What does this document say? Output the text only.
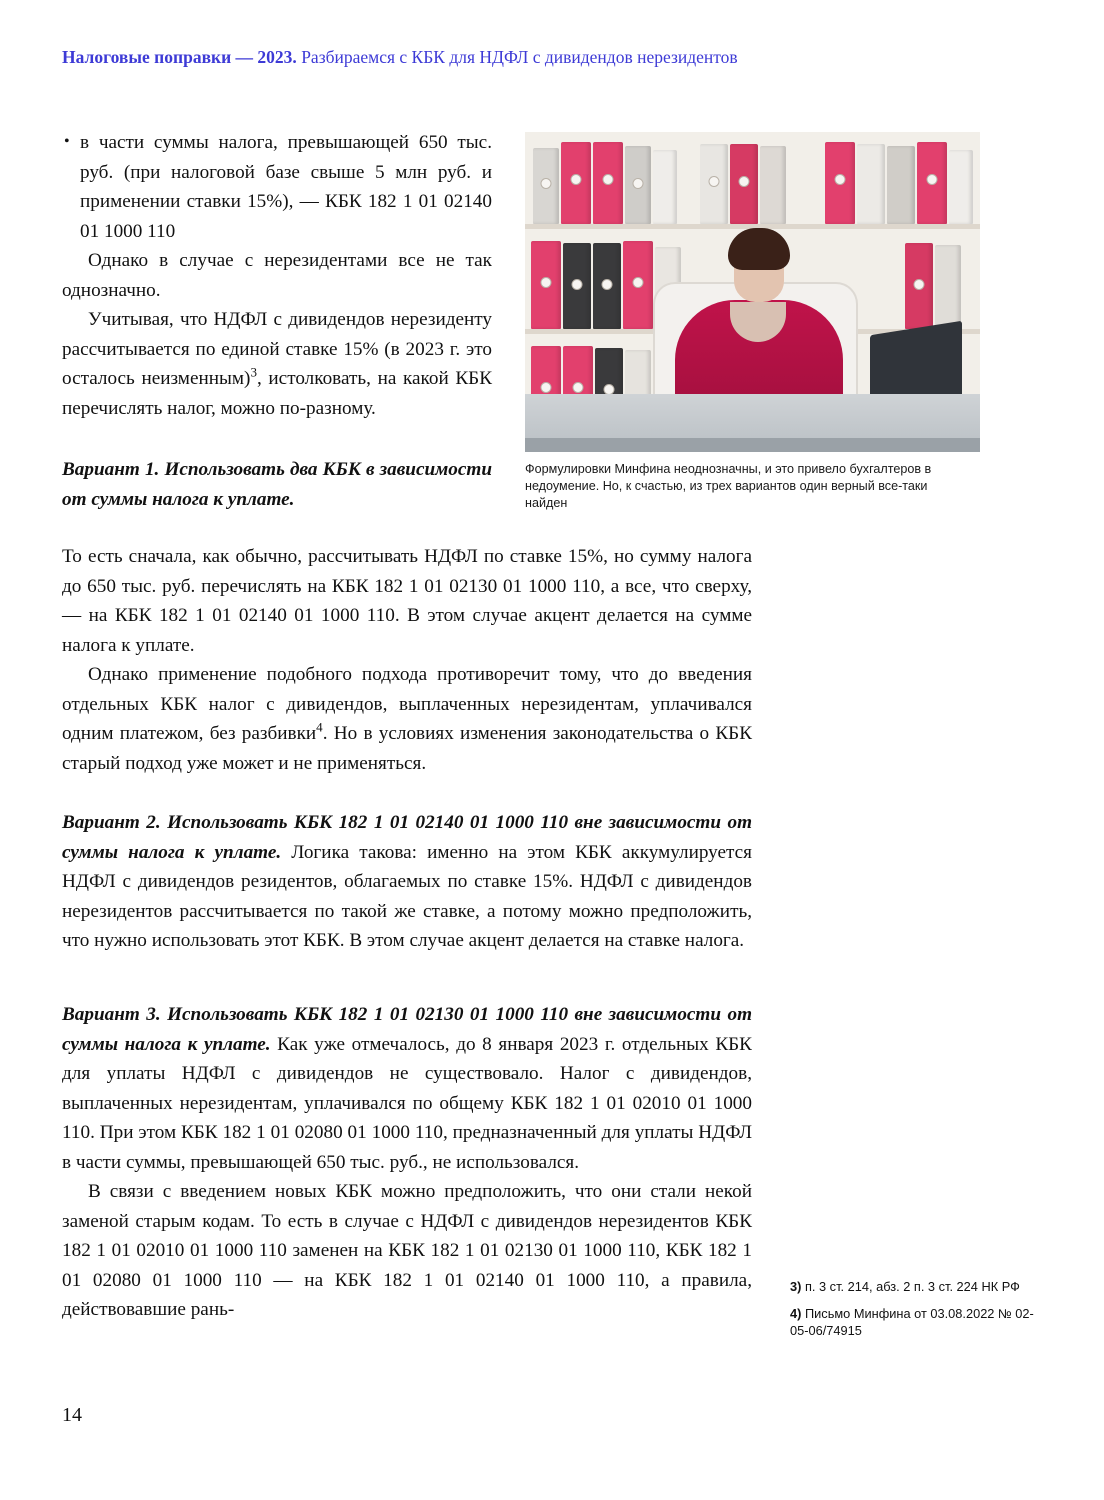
Налоговые поправки — 2023. Разбираемся с КБК для НДФЛ с дивидендов нерезидентов
Формулировки Минфина неоднозначны, и это привело бухгалтеров в недоумение. Но, к счастью, из трех вариантов один верный все-таки найден

• в части суммы налога, превышающей 650 тыс. руб. (при налоговой базе свыше 5 млн руб. и применении ставки 15%), — КБК 182 1 01 02140 01 1000 110

Однако в случае с нерезидентами все не так однозначно.

Учитывая, что НДФЛ с дивидендов нерезиденту рассчитывается по единой ставке 15% (в 2023 г. это осталось неизменным)$^3$, истолковать, на какой КБК перечислять налог, можно по-разному.

Вариант 1. Использовать два КБК в зависимости от суммы налога к уплате.

То есть сначала, как обычно, рассчитывать НДФЛ по ставке 15%, но сумму налога до 650 тыс. руб. перечислять на КБК 182 1 01 02130 01 1000 110, а все, что сверху, — на КБК 182 1 01 02140 01 1000 110. В этом случае акцент делается на сумме налога к уплате.

Однако применение подобного подхода противоречит тому, что до введения отдельных КБК налог с дивидендов, выплаченных нерезидентам, уплачивался одним платежом, без разбивки$^4$. Но в условиях изменения законодательства о КБК старый подход уже может и не применяться.

Вариант 2. Использовать КБК 182 1 01 02140 01 1000 110 вне зависимости от суммы налога к уплате. Логика такова: именно на этом КБК аккумулируется НДФЛ с дивидендов резидентов, облагаемых по ставке 15%. НДФЛ с дивидендов нерезидентов рассчитывается по такой же ставке, а потому можно предположить, что нужно использовать этот КБК. В этом случае акцент делается на ставке налога.

Вариант 3. Использовать КБК 182 1 01 02130 01 1000 110 вне зависимости от суммы налога к уплате. Как уже отмечалось, до 8 января 2023 г. отдельных КБК для уплаты НДФЛ с дивидендов не существовало. Налог с дивидендов, выплаченных нерезидентам, уплачивался по общему КБК 182 1 01 02010 01 1000 110. При этом КБК 182 1 01 02080 01 1000 110, предназначенный для уплаты НДФЛ в части суммы, превышающей 650 тыс. руб., не использовался.

В связи с введением новых КБК можно предположить, что они стали некой заменой старым кодам. То есть в случае с НДФЛ с дивидендов нерезидентов КБК 182 1 01 02010 01 1000 110 заменен на КБК 182 1 01 02130 01 1000 110, КБК 182 1 01 02080 01 1000 110 — на КБК 182 1 01 02140 01 1000 110, а правила, действовавшие рань-

3) п. 3 ст. 214, абз. 2 п. 3 ст. 224 НК РФ
4) Письмо Минфина от 03.08.2022 № 02-05-06/74915
14
